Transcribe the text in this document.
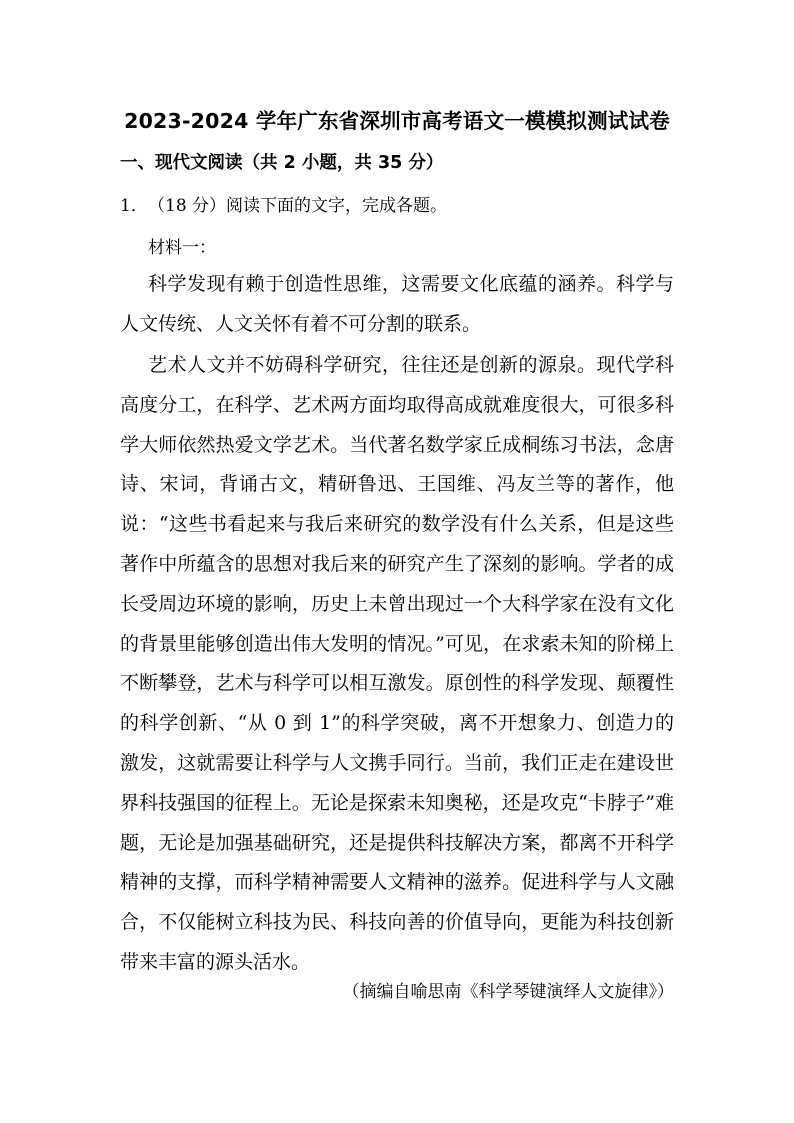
2023-2024 学年广东省深圳市高考语文一模模拟测试试卷
一、现代文阅读（共 2 小题，共 35 分）
1．（18 分）阅读下面的文字，完成各题。
材料一：
科学发现有赖于创造性思维，这需要文化底蕴的涵养。科学与人文传统、人文关怀有着不可分割的联系。
艺术人文并不妨碍科学研究，往往还是创新的源泉。现代学科高度分工，在科学、艺术两方面均取得高成就难度很大，可很多科学大师依然热爱文学艺术。当代著名数学家丘成桐练习书法，念唐诗、宋词，背诵古文，精研鲁迅、王国维、冯友兰等的著作，他说：“这些书看起来与我后来研究的数学没有什么关系，但是这些著作中所蕴含的思想对我后来的研究产生了深刻的影响。学者的成长受周边环境的影响，历史上未曾出现过一个大科学家在没有文化的背景里能够创造出伟大发明的情况。”可见，在求索未知的阶梯上不断攀登，艺术与科学可以相互激发。原创性的科学发现、颠覆性的科学创新、“从 0 到 1”的科学突破，离不开想象力、创造力的激发，这就需要让科学与人文携手同行。当前，我们正走在建设世界科技强国的征程上。无论是探索未知奥秘，还是攻克“卡脖子”难题，无论是加强基础研究，还是提供科技解决方案，都离不开科学精神的支撑，而科学精神需要人文精神的滋养。促进科学与人文融合，不仅能树立科技为民、科技向善的价值导向，更能为科技创新带来丰富的源头活水。
（摘编自喻思南《科学琴键演绎人文旋律》）
